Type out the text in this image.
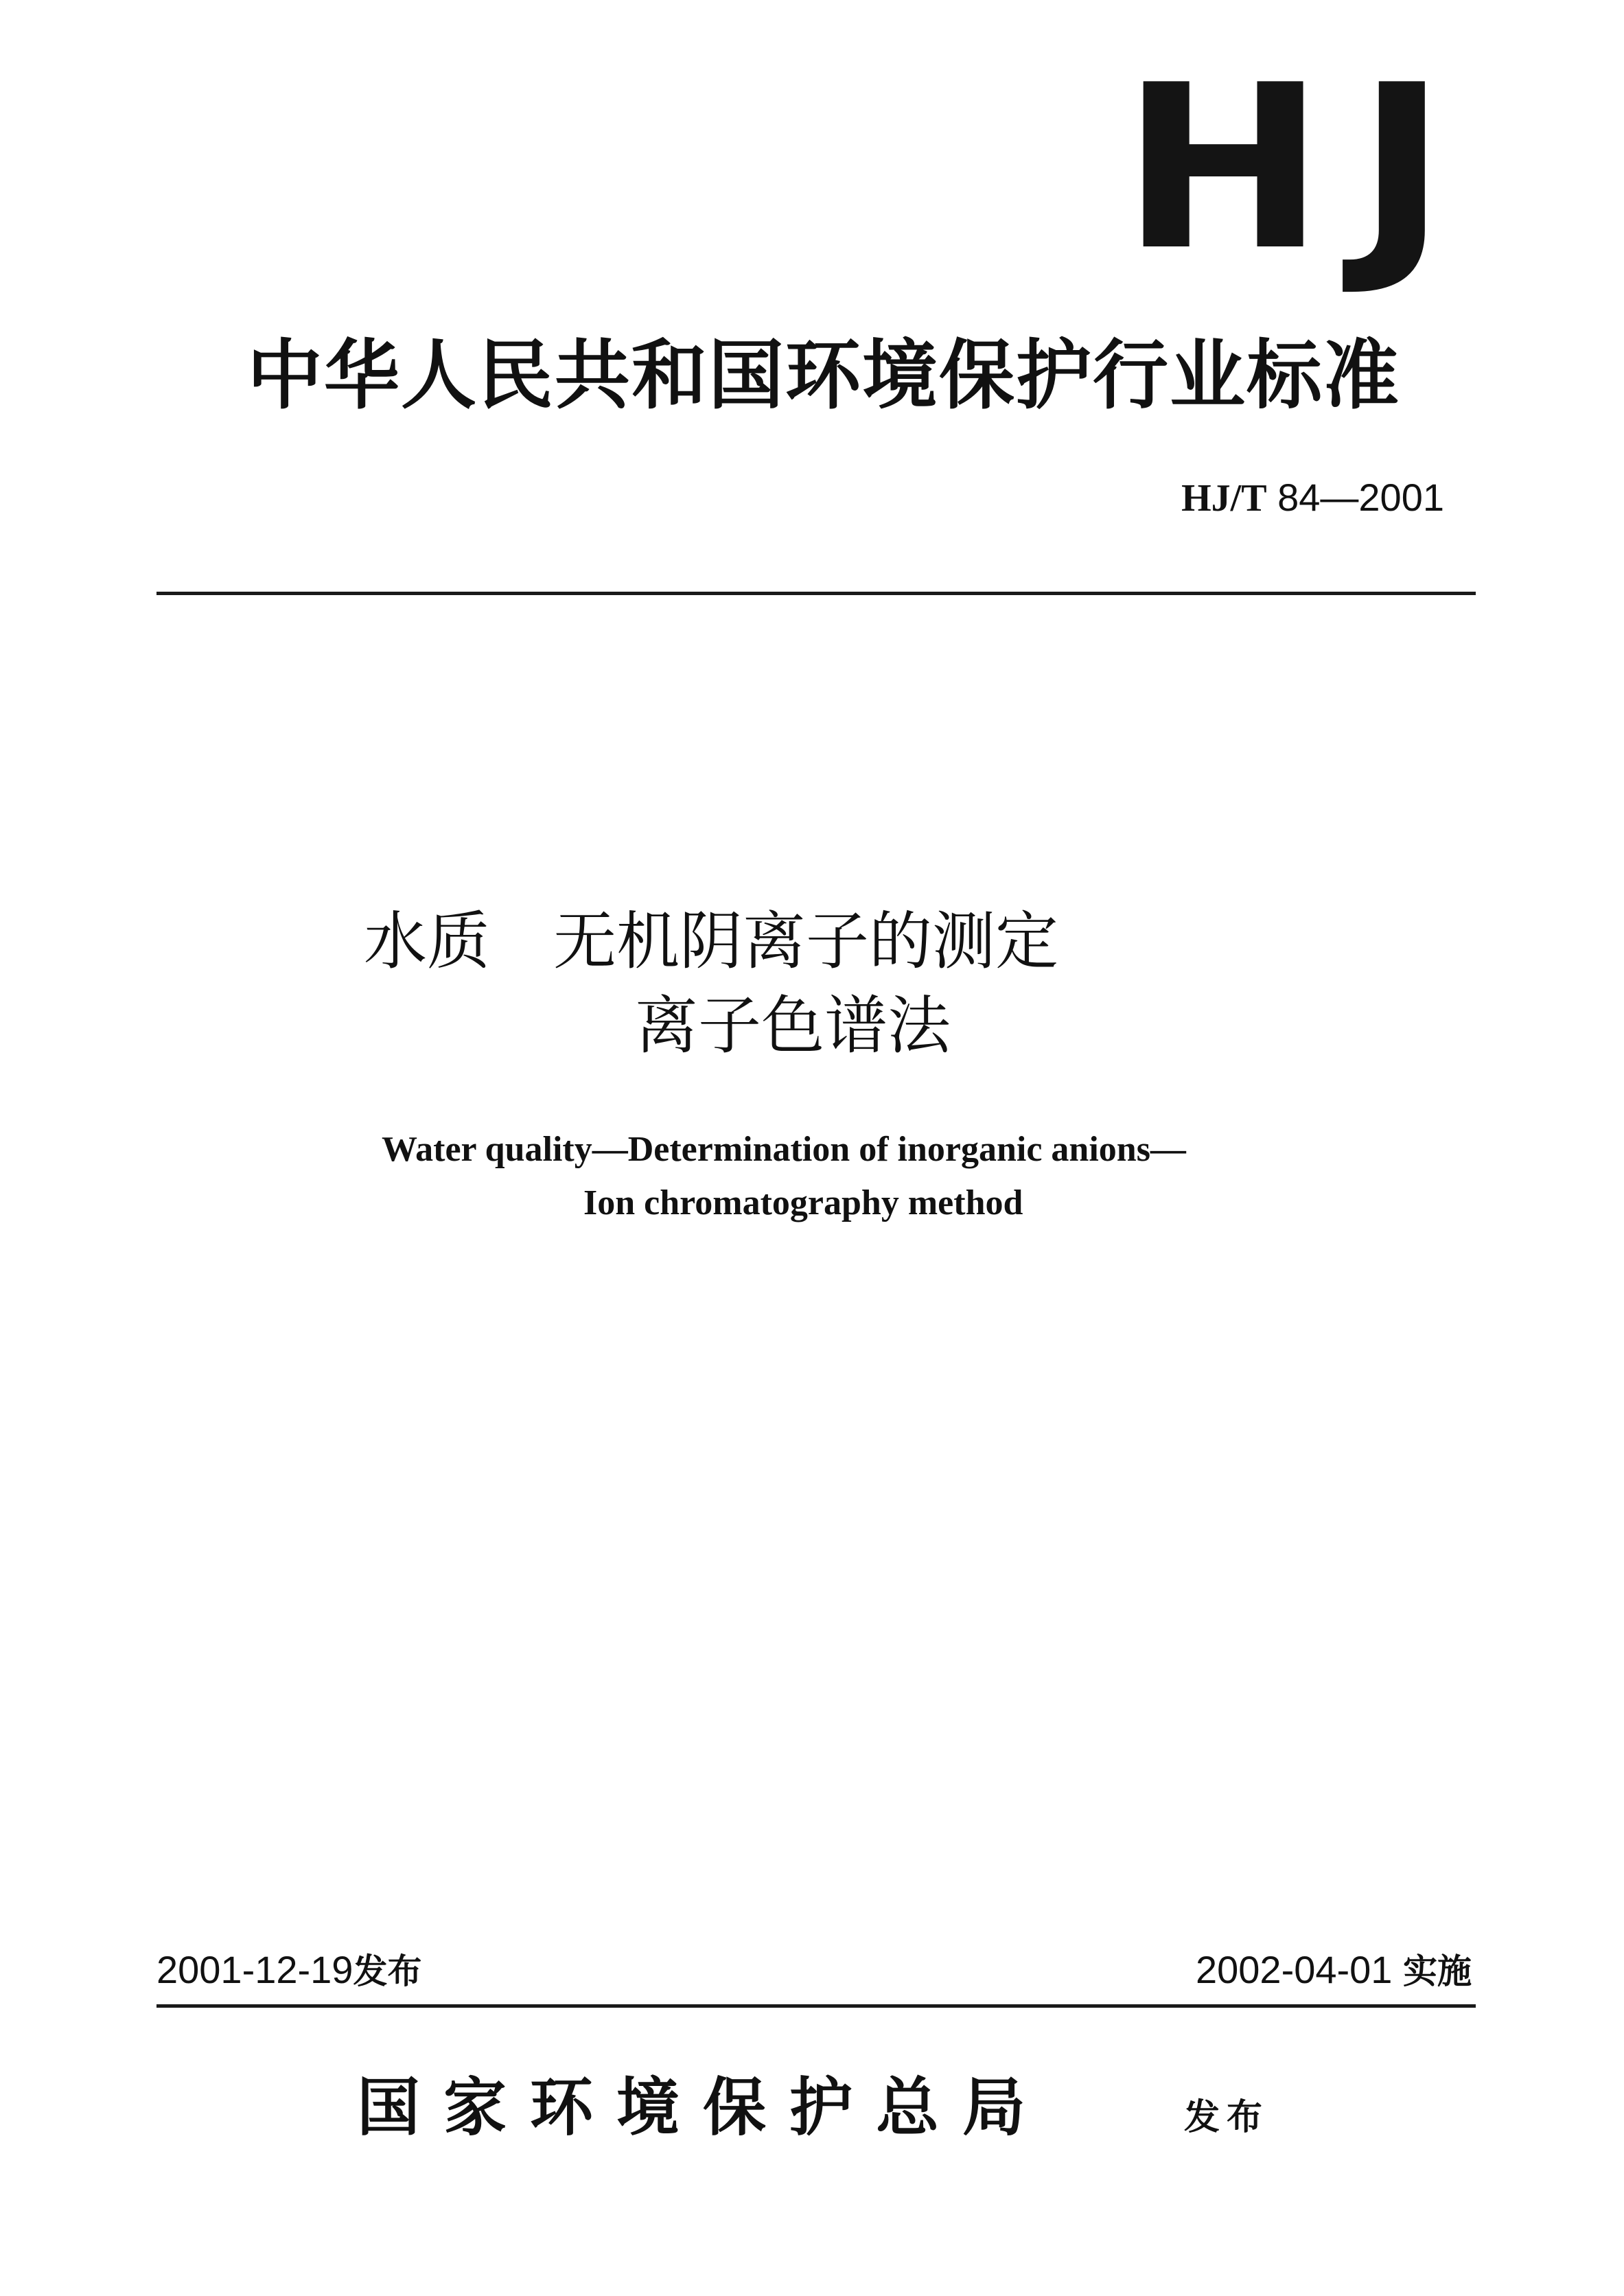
H J
中华人民共和国环境保护行业标准
HJ/T 84—2001
水质　无机阴离子的测定
离子色谱法
Water quality—Determination of inorganic anions—
Ion chromatography method
2001-12-19发布	2002-04-01 实施
国家环境保护总局	发布
